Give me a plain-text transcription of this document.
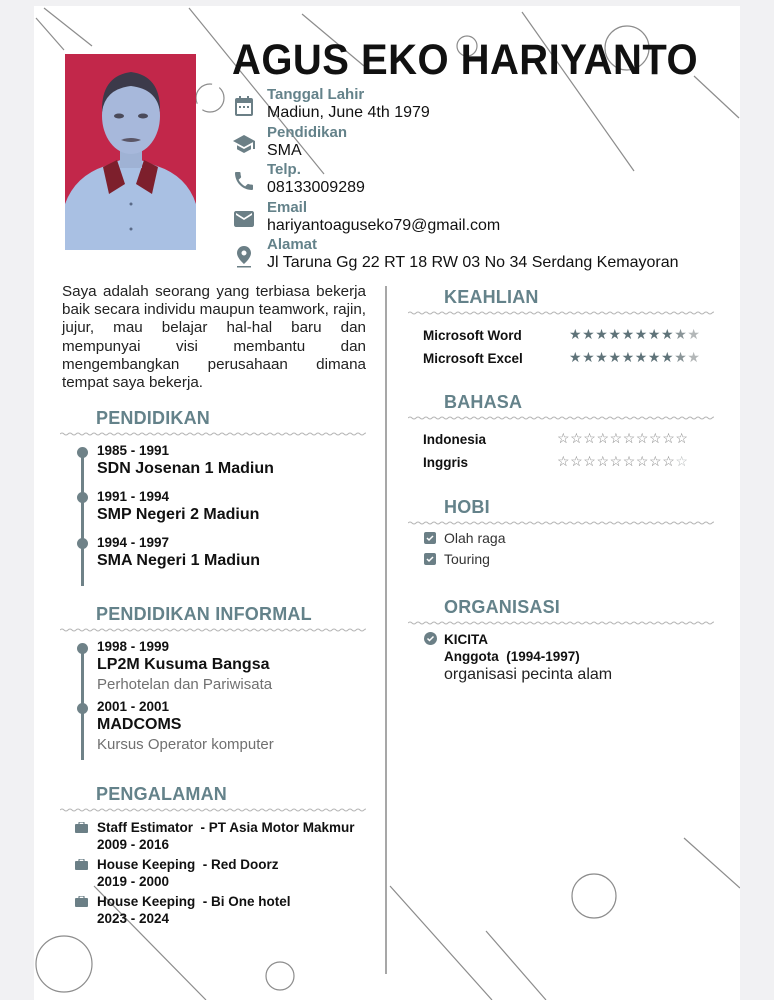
AGUS EKO HARIYANTO
Tanggal Lahir
Madiun, June 4th 1979
Pendidikan
SMA
Telp.
08133009289
Email
hariyantoaguseko79@gmail.com
Alamat
Jl Taruna Gg 22 RT 18 RW 03 No 34 Serdang Kemayoran
Saya adalah seorang yang terbiasa bekerja baik secara individu maupun teamwork, rajin, jujur, mau belajar hal-hal baru dan mempunyai visi membantu dan mengembangkan perusahaan dimana tempat saya bekerja.
PENDIDIKAN
1985 - 1991
SDN Josenan 1 Madiun
1991 - 1994
SMP Negeri 2 Madiun
1994 - 1997
SMA Negeri 1 Madiun
PENDIDIKAN INFORMAL
1998 - 1999
LP2M Kusuma Bangsa
Perhotelan dan Pariwisata
2001 - 2001
MADCOMS
Kursus Operator komputer
PENGALAMAN
Staff Estimator  - PT Asia Motor Makmur
2009 - 2016
House Keeping  - Red Doorz
2019 - 2000
House Keeping  - Bi One hotel
2023 - 2024
KEAHLIAN
Microsoft Word	★★★★★★★★★★
Microsoft Excel	★★★★★★★★★★
BAHASA
Indonesia	☆☆☆☆☆☆☆☆☆☆
Inggris	☆☆☆☆☆☆☆☆☆☆
HOBI
Olah raga
Touring
ORGANISASI
KICITA
Anggota  (1994-1997)
organisasi pecinta alam
